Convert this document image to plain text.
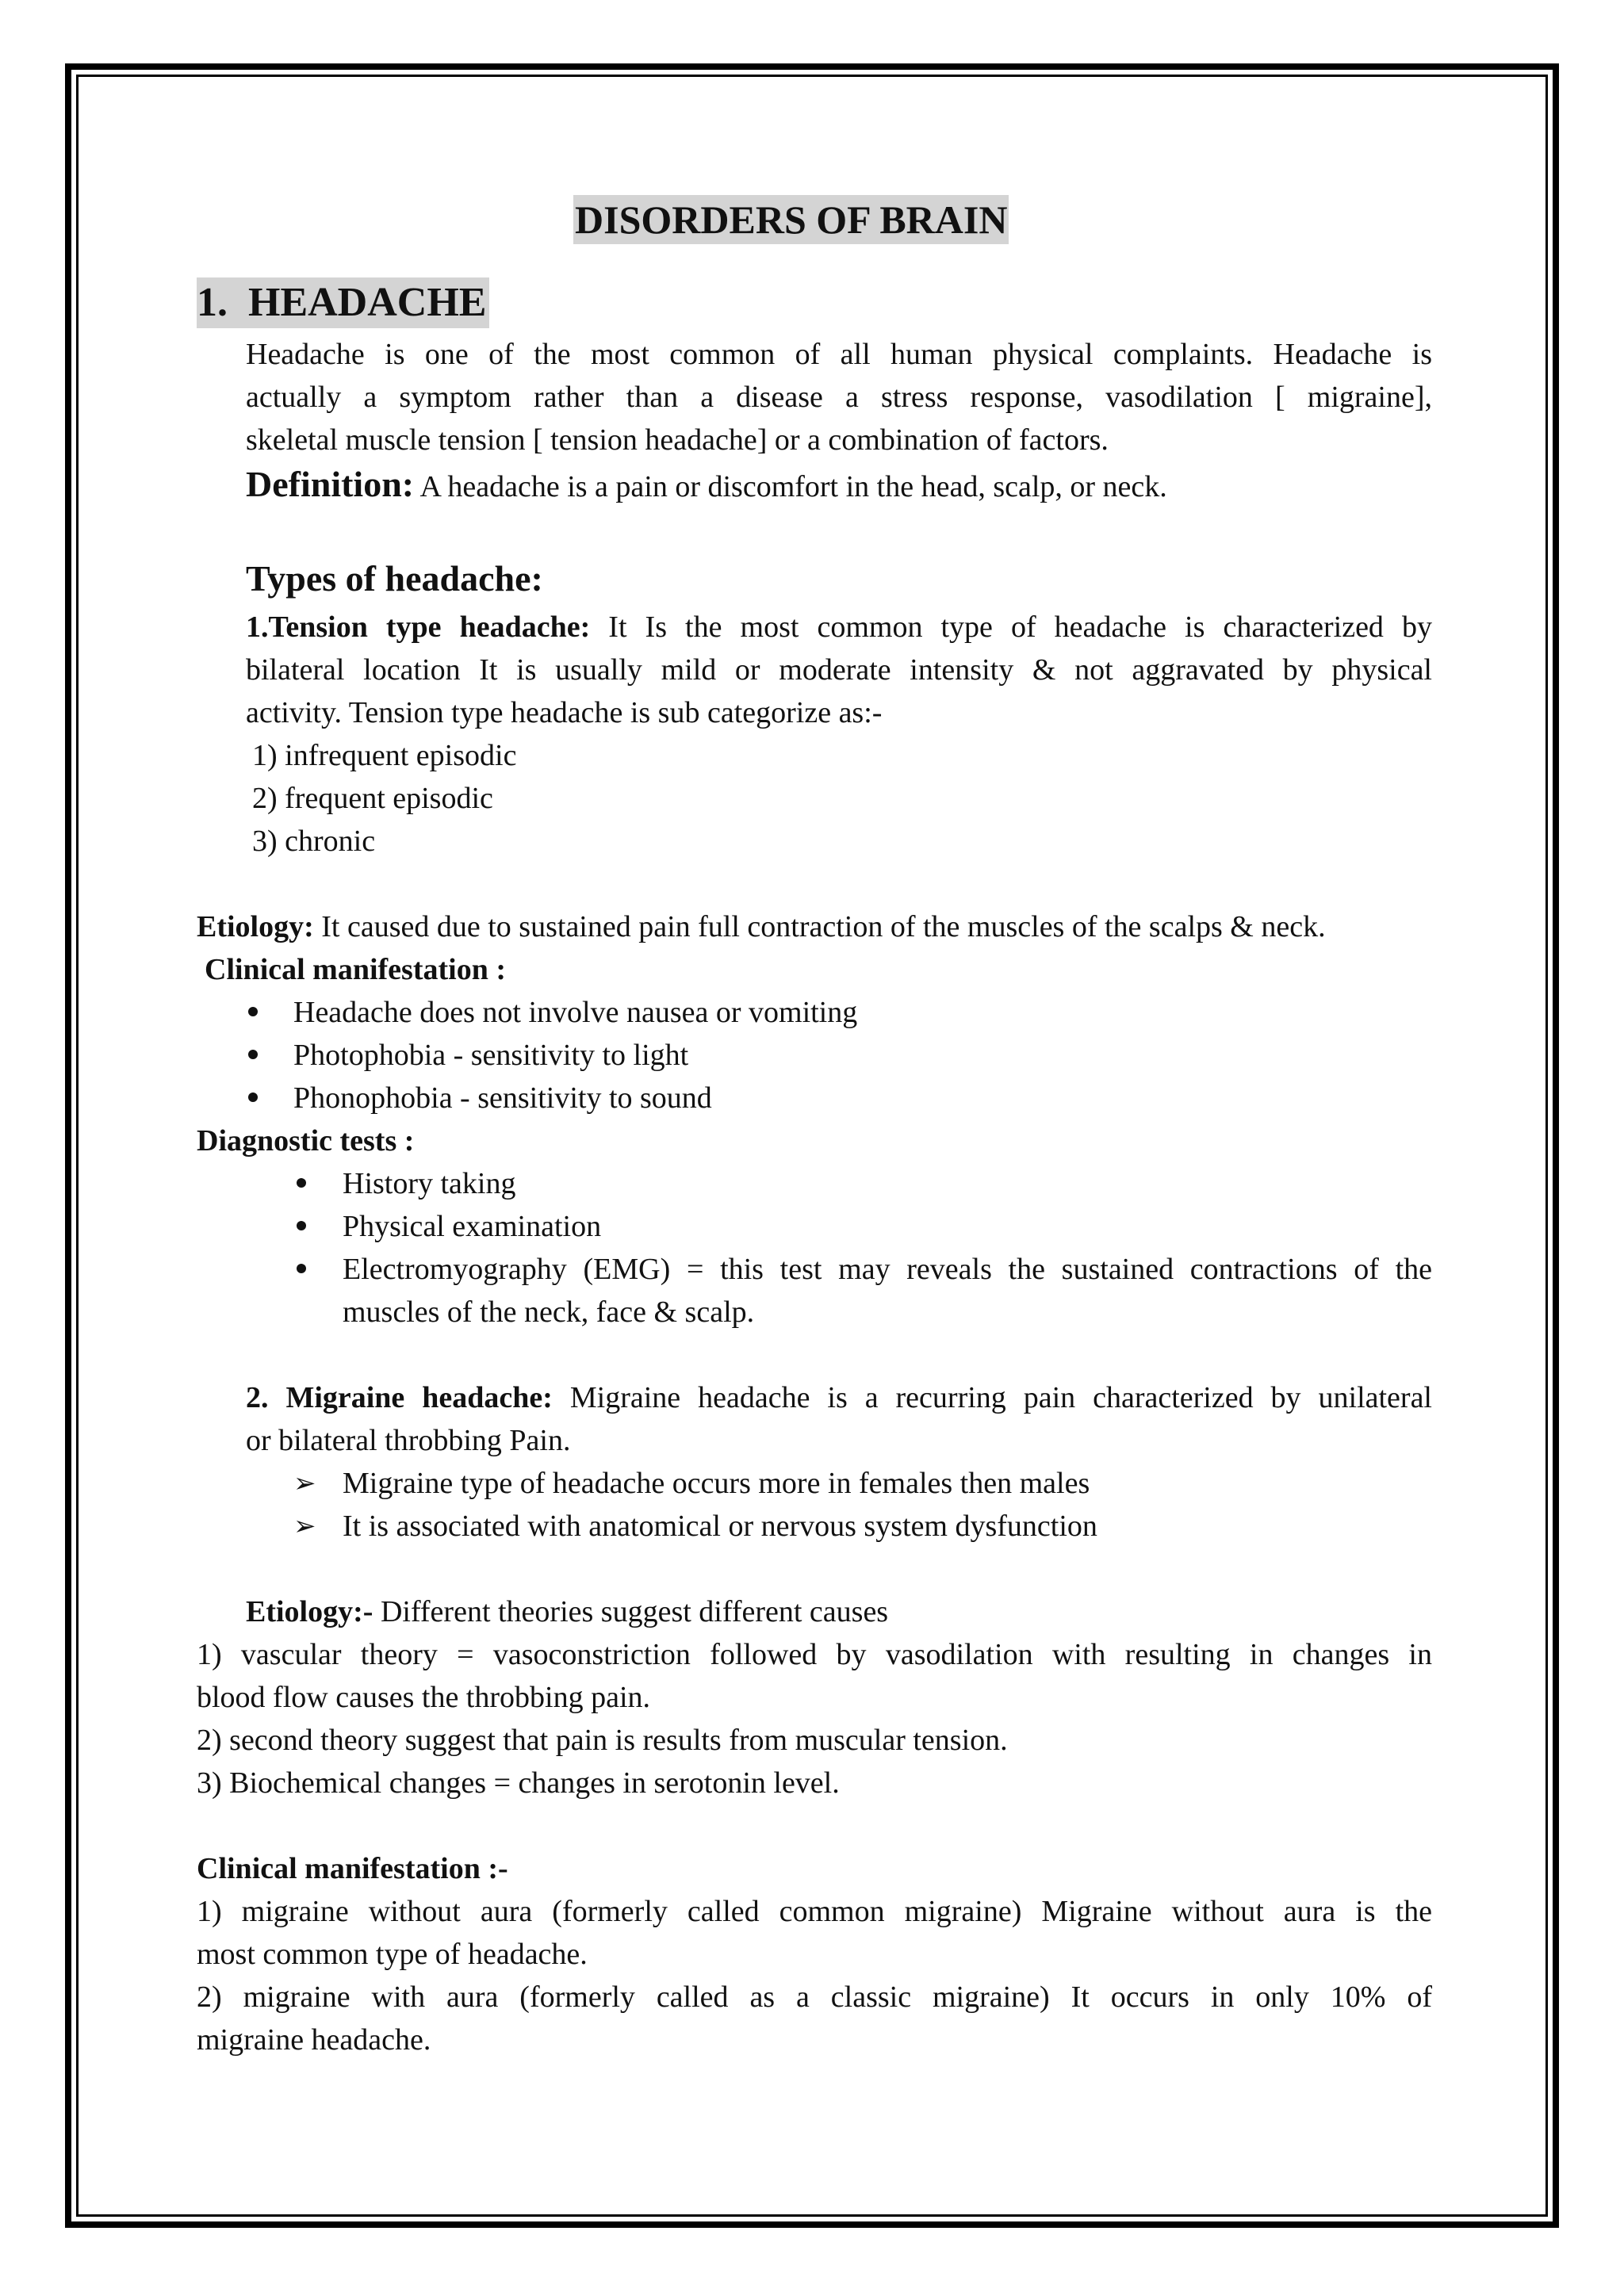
DISORDERS OF BRAIN
1. HEADACHE
Headache is one of the most common of all human physical complaints. Headache is
actually a symptom rather than a disease a stress response, vasodilation [ migraine],
skeletal muscle tension [ tension headache] or a combination of factors.
Definition: A headache is a pain or discomfort in the head, scalp, or neck.
Types of headache:
1.Tension type headache: It Is the most common type of headache is characterized by
bilateral location It is usually mild or moderate intensity & not aggravated by physical
activity. Tension type headache is sub categorize as:-
1) infrequent episodic
2) frequent episodic
3) chronic
Etiology: It caused due to sustained pain full contraction of the muscles of the scalps & neck.
Clinical manifestation :
Headache does not involve nausea or vomiting
Photophobia - sensitivity to light
Phonophobia - sensitivity to sound
Diagnostic tests :
History taking
Physical examination
Electromyography (EMG) = this test may reveals the sustained contractions of the
muscles of the neck, face & scalp.
2. Migraine headache: Migraine headache is a recurring pain characterized by unilateral
or bilateral throbbing Pain.
➢ Migraine type of headache occurs more in females then males
➢ It is associated with anatomical or nervous system dysfunction
Etiology:- Different theories suggest different causes
1) vascular theory = vasoconstriction followed by vasodilation with resulting in changes in
blood flow causes the throbbing pain.
2) second theory suggest that pain is results from muscular tension.
3) Biochemical changes = changes in serotonin level.
Clinical manifestation :-
1) migraine without aura (formerly called common migraine) Migraine without aura is the
most common type of headache.
2) migraine with aura (formerly called as a classic migraine) It occurs in only 10% of
migraine headache.
